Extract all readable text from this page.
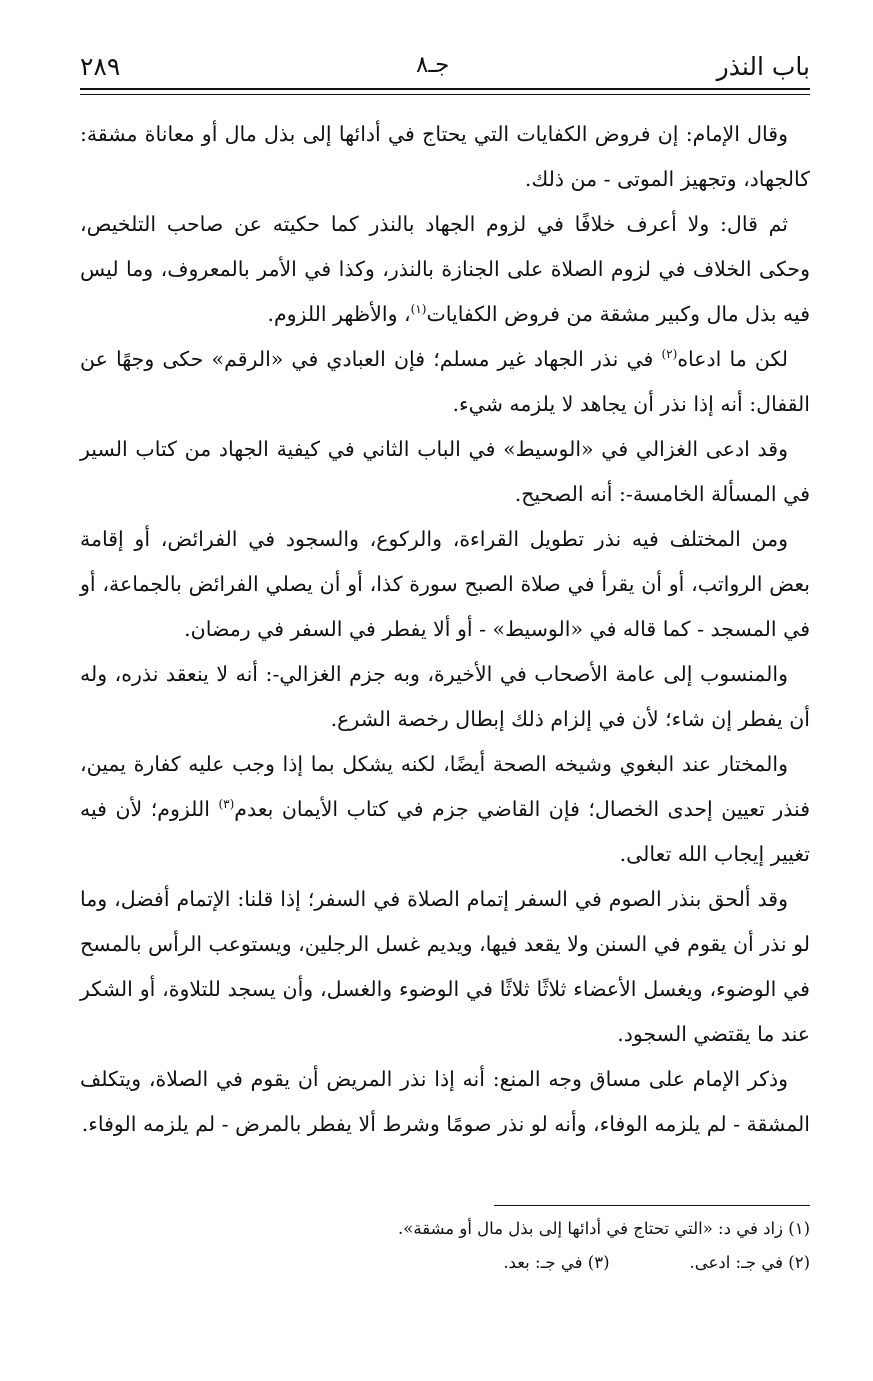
٢٨٩	جـ٨	باب النذر

وقال الإمام: إن فروض الكفايات التي يحتاج في أدائها إلى بذل مال أو معاناة مشقة: كالجهاد، وتجهيز الموتى - من ذلك.

ثم قال: ولا أعرف خلافًا في لزوم الجهاد بالنذر كما حكيته عن صاحب التلخيص، وحكى الخلاف في لزوم الصلاة على الجنازة بالنذر، وكذا في الأمر بالمعروف، وما ليس فيه بذل مال وكبير مشقة من فروض الكفايات$^{(١)}$، والأظهر اللزوم.

لكن ما ادعاه$^{(٢)}$ في نذر الجهاد غير مسلم؛ فإن العبادي في «الرقم» حكى وجهًا عن القفال: أنه إذا نذر أن يجاهد لا يلزمه شيء.

وقد ادعى الغزالي في «الوسيط» في الباب الثاني في كيفية الجهاد من كتاب السير في المسألة الخامسة-: أنه الصحيح.

ومن المختلف فيه نذر تطويل القراءة، والركوع، والسجود في الفرائض، أو إقامة بعض الرواتب، أو أن يقرأ في صلاة الصبح سورة كذا، أو أن يصلي الفرائض بالجماعة، أو في المسجد - كما قاله في «الوسيط» - أو ألا يفطر في السفر في رمضان.

والمنسوب إلى عامة الأصحاب في الأخيرة، وبه جزم الغزالي-: أنه لا ينعقد نذره، وله أن يفطر إن شاء؛ لأن في إلزام ذلك إبطال رخصة الشرع.

والمختار عند البغوي وشيخه الصحة أيضًا، لكنه يشكل بما إذا وجب عليه كفارة يمين، فنذر تعيين إحدى الخصال؛ فإن القاضي جزم في كتاب الأيمان بعدم$^{(٣)}$ اللزوم؛ لأن فيه تغيير إيجاب الله تعالى.

وقد ألحق بنذر الصوم في السفر إتمام الصلاة في السفر؛ إذا قلنا: الإتمام أفضل، وما لو نذر أن يقوم في السنن ولا يقعد فيها، ويديم غسل الرجلين، ويستوعب الرأس بالمسح في الوضوء، ويغسل الأعضاء ثلاثًا ثلاثًا في الوضوء والغسل، وأن يسجد للتلاوة، أو الشكر عند ما يقتضي السجود.

وذكر الإمام على مساق وجه المنع: أنه إذا نذر المريض أن يقوم في الصلاة، ويتكلف المشقة - لم يلزمه الوفاء، وأنه لو نذر صومًا وشرط ألا يفطر بالمرض - لم يلزمه الوفاء.

(١) زاد في د: «التي تحتاج في أدائها إلى بذل مال أو مشقة».
(٢) في جـ: ادعى.(٣) في جـ: بعد.
